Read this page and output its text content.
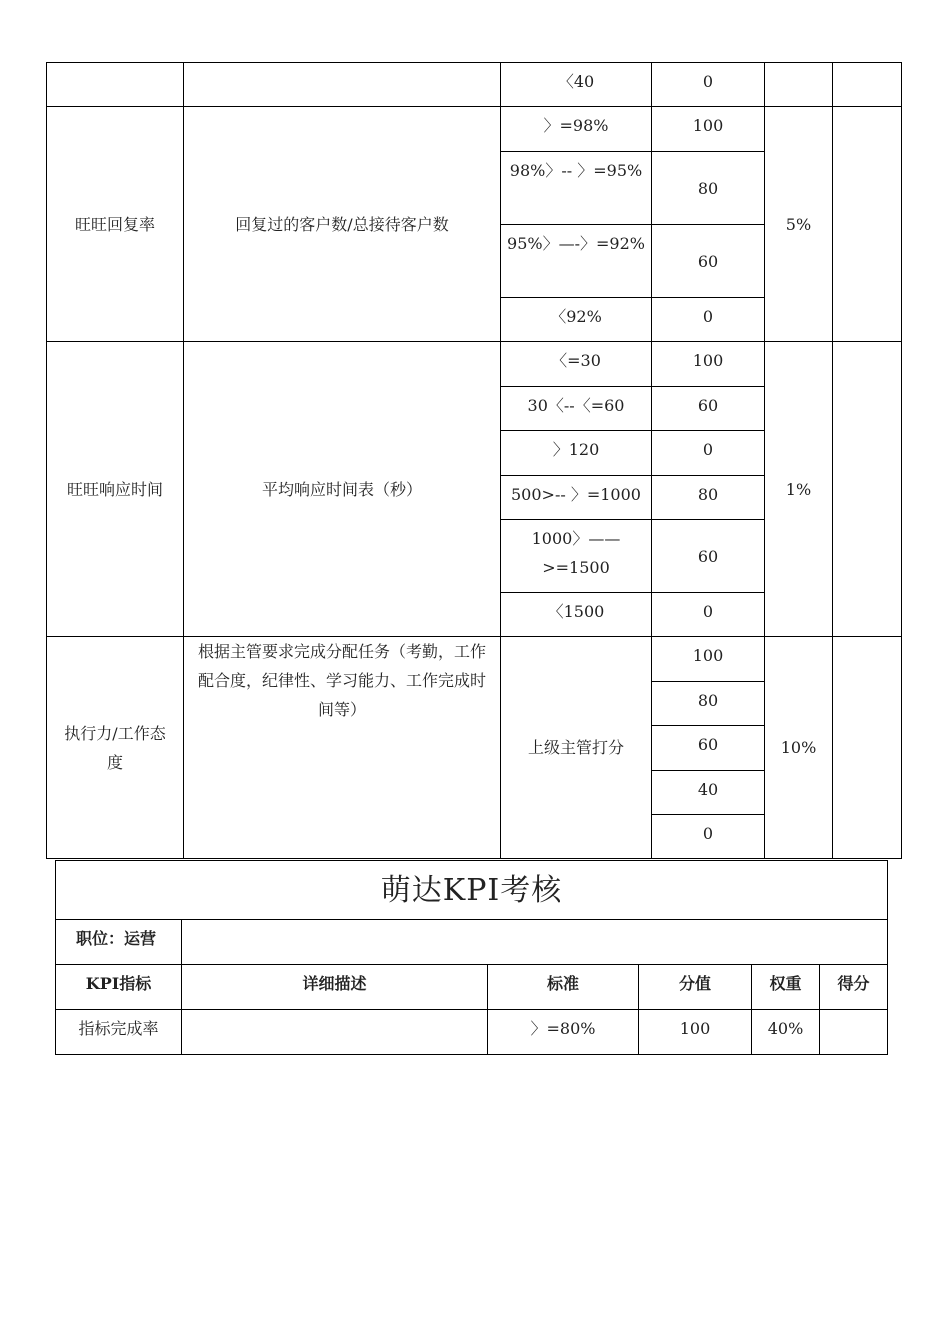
		〈40	0		
旺旺回复率	回复过的客户数/总接待客户数	〉=98%	100	5%	
		98%〉-- 〉=95%	80		
		95%〉—-〉=92%	60		
		〈92%	0		
旺旺响应时间	平均响应时间表（秒）	〈=30	100	1%	
		30〈--〈=60	60		
		〉120	0		
		500>-- 〉=1000	80		
		1000〉—— >=1500	60		
		〈1500	0		
执行力/工作态度	根据主管要求完成分配任务（考勤，工作配合度，纪律性、学习能力、工作完成时间等）	上级主管打分	100	10%	
			80		
			60		
			40		
			0		
萌达KPI考核					
职位：运营					
KPI指标	详细描述	标准	分值	权重	得分
指标完成率		〉=80%	100	40%	
